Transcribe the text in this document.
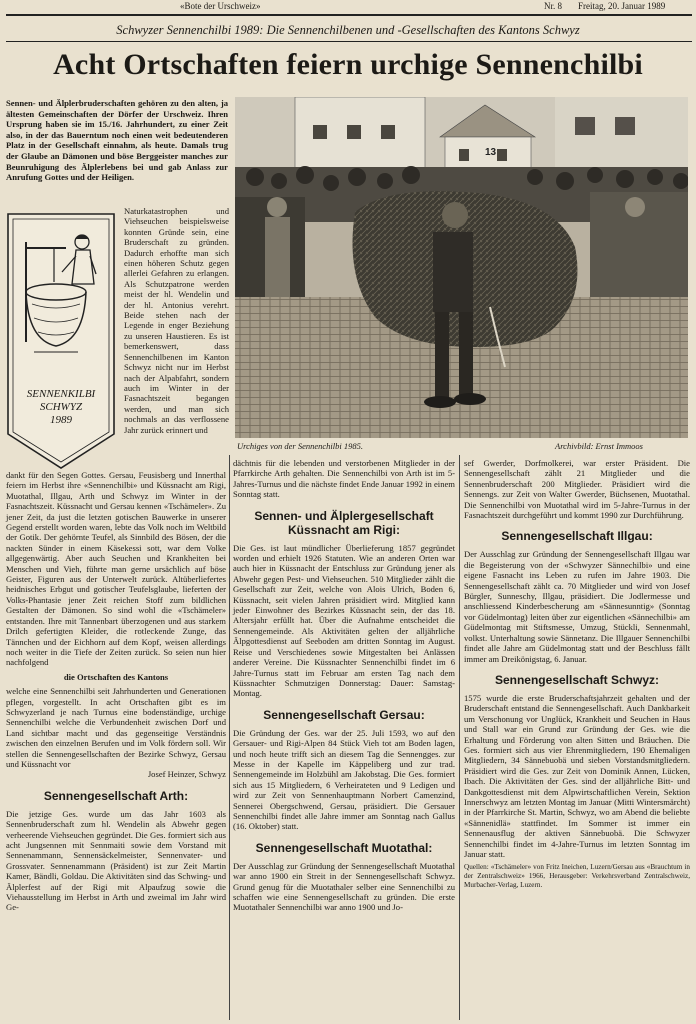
«Bote der Urschweiz»	Nr. 8 Freitag, 20. Januar 1989
Schwyzer Sennenchilbi 1989: Die Sennenchilbenen und -Gesellschaften des Kantons Schwyz
Acht Ortschaften feiern urchige Sennenchilbi

Sennen- und Älplerbruderschaften gehören zu den alten, ja ältesten Gemeinschaften der Dörfer der Urschweiz. Ihren Ursprung haben sie im 15./16. Jahrhundert, zu einer Zeit also, in der das Bauerntum noch einen weit bedeutenderen Platz in der Gesellschaft einnahm, als heute. Damals trug der Glaube an Dämonen und böse Berggeister manches zur Beunruhigung des Älplerlebens bei und gab Anlass zur Anrufung Gottes und der Heiligen.

SENNENKILBI
SCHWYZ
1989

Naturkatastrophen und Viehseuchen beispielsweise konnten Gründe sein, eine Bruderschaft zu gründen. Dadurch erhoffte man sich einen höheren Schutz gegen allerlei Gefahren zu erlangen. Als Schutzpatrone werden meist der hl. Wendelin und der hl. Antonius verehrt. Beide stehen nach der Legende in enger Beziehung zu unseren Haustieren. Es ist bemerkenswert, dass Sennenchilbenen im Kanton Schwyz nicht nur im Herbst nach der Alpabfahrt, sondern auch im Winter in der Fasnachtszeit begangen werden, und man sich nochmals an das verflossene Jahr zurück erinnert und

13
Urchiges von der Sennenchilbi 1985.	Archivbild: Ernst Immoos

dankt für den Segen Gottes. Gersau, Feusisberg und Innerthal feiern im Herbst ihre «Sennenchilbi» und Küssnacht am Rigi, Muotathal, Illgau, Arth und Schwyz im Winter in der Fasnachtszeit. Küssnacht und Gersau kennen «Tschämeler». Zu jener Zeit, da just die letzten gotischen Bauwerke in unserer Gegend erstellt worden waren, lebte das Volk noch im Weltbild der Gotik. Der gehörnte Teufel, als Sinnbild des Bösen, der die nackten Sünder in einem Käsekessi sott, war dem Volke allgegenwärtig. Aber auch Seuchen und Krankheiten bei Menschen und Vieh, führte man gerne ursächlich auf böse Geister, Figuren aus der Unterwelt zurück. Altüberliefertes heidnisches Erbgut und gotischer Teufelsglaube, lieferten der Volks-Phantasie jener Zeit reichen Stoff zum bildlichen Gestalten der Dämonen. So sind wohl die «Tschämeler» entstanden. Ihre mit Tannenbart überzogenen und aus starkem Drilch gefertigten Kleider, die rotleckende Zunge, das Tännchen und der Eichhorn auf dem Kopf, weisen allerdings noch weiter in die Tiefe der Zeiten zurück. So seien nun hier nachfolgend

die Ortschaften des Kantons

welche eine Sennenchilbi seit Jahrhunderten und Generationen pflegen, vorgestellt. In acht Ortschaften gibt es im Schwyzerland je nach Turnus eine bodenständige, urchige Sennenchilbi welche die Verbundenheit zwischen Dorf und Land sichtbar macht und das gegenseitige Verständnis zwischen den einzelnen Berufen und im Volk fördern soll. Wir stellen die Sennengesellschaften der Bezirke Schwyz, Gersau und Küssnacht vor

Josef Heinzer, Schwyz
Sennengesellschaft Arth:

Die jetzige Ges. wurde um das Jahr 1603 als Sennenbruderschaft zum hl. Wendelin als Abwehr gegen verheerende Viehseuchen gegründet. Die Ges. formiert sich aus acht Jungsennen mit Sennmaiti sowie dem Vorstand mit Sennenammann, Sennensäckelmeister, Sennenvater- und Grossvater. Sennenammann (Präsident) ist zur Zeit Martin Kamer, Bändli, Goldau. Die Aktivitäten sind das Schwing- und Älplerfest auf der Rigi mit Alpaufzug sowie die Viehausstellung im Herbst in Arth und zweimal im Jahr wird Ge-

dächtnis für die lebenden und verstorbenen Mitglieder in der Pfarrkirche Arth gehalten. Die Sennenchilbi von Arth ist im 5-Jahres-Turnus und die nächste findet Ende Januar 1992 in einem Sonntag statt.

Sennen- und Älplergesellschaft Küssnacht am Rigi:

Die Ges. ist laut mündlicher Überlieferung 1857 gegründet worden und erhielt 1926 Statuten. Wie an anderen Orten war auch hier in Küssnacht der Entschluss zur Gründung jener als Abwehr gegen Pest- und Viehseuchen. 510 Mitglieder zählt die Gesellschaft zur Zeit, welche von Alois Ulrich, Boden 6, Küssnacht, seit vielen Jahren präsidiert wird. Mitglied kann jeder Einwohner des Bezirkes Küssnacht sein, der das 18. Altersjahr erfüllt hat. Über die Aufnahme entscheidet die Sennengemeinde. Als Aktivitäten gelten der alljährliche Älpgottesdienst auf Seeboden am dritten Sonntag im August. Reise und Verschiedenes sowie Mitgestalten bei Anlässen anderer Vereine. Die Küssnachter Sennenchilbi findet im 6 Jahre-Turnus statt im Februar am ersten Tag nach dem Küssnachter Schmutzigen Donnerstag: Dauer: Samstag-Montag.

Sennengesellschaft Gersau:

Die Gründung der Ges. war der 25. Juli 1593, wo auf den Gersauer- und Rigi-Alpen 84 Stück Vieh tot am Boden lagen, und noch heute trifft sich an diesem Tag die Sennengges. zur Messe in der Kapelle im Käppeliberg und zur trad. Sennengemeinde im Holzbühl am Jakobstag. Die Ges. formiert sich aus 15 Mitgliedern, 6 Verheirateten und 9 Ledigen und wird zur Zeit von Sennenhauptmann Norbert Camenzind, Sennerei Obergschwend, Gersau, präsidiert. Die Gersauer Sennenchilbi findet alle Jahre immer am Sonntag nach Gallus (16. Oktober) statt.

Sennengesellschaft Muotathal:

Der Ausschlag zur Gründung der Sennengesellschaft Muotathal war anno 1900 ein Streit in der Sennengesellschaft Schwyz. Grund genug für die Muotathaler selber eine Sennenchilbi zu schaffen wie eine Sennengesellschaft zu gründen. Die erste Muotathaler Sennenchilbi war anno 1900 und Jo-

sef Gwerder, Dorfmolkerei, war erster Präsident. Die Sennengesellschaft zählt 21 Mitglieder und die Sennenbruderschaft 200 Mitglieder. Präsidiert wird die Sennengs. zur Zeit von Walter Gwerder, Büchsenen, Muotathal. Die Sennenchilbi von Muotathal wird im 5-Jahre-Turnus in der Fasnachtszeit durchgeführt und kommt 1990 zur Durchführung.

Sennengesellschaft Illgau:

Der Ausschlag zur Gründung der Sennengesellschaft Illgau war die Begeisterung von der «Schwyzer Sännechilbi» und eine eigene Fasnacht ins Leben zu rufen im Jahre 1903. Die Sennengesellschaft zählt ca. 70 Mitglieder und wird von Josef Bürgler, Sunneschy, Illgau, präsidiert. Die Jodlermesse und anschliessend Kinderbescherung am «Sännesunntig» (Sonntag vor Güdelmontag) leiten über zur eigentlichen «Sännechilbi» am Güdelmontag mit Stiftsmesse, Umzug, Stückli, Sennenmahl, volkst. Unterhaltung sowie Sännetanz. Die Illgauer Sennenchilbi findet alle Jahre am Güdelmontag statt und der Beschluss fällt immer am Dreikönigstag, 6. Januar.

Sennengesellschaft Schwyz:

1575 wurde die erste Bruderschaftsjahrzeit gehalten und der Bruderschaft entstand die Sennengesellschaft. Auch Dankbarkeit um Verschonung vor Unglück, Krankheit und Seuchen in Haus und Stall war ein Grund zur Gründung der Ges. wie die Erhaltung und Förderung von alten Sitten und Bräuchen. Die Ges. formiert sich aus vier Ehrenmitgliedern, 190 Ehemaligen Mitgliedern, 34 Sännebuobä und sieben Vorstandsmitgliedern. Präsidiert wird die Ges. zur Zeit von Dominik Annen, Lücken, Ibach. Die Aktivitäten der Ges. sind der alljährliche Bitt- und Dankgottesdienst mit dem Alpwirtschaftlichen Verein, Sektion Innerschwyz am letzten Montag im Januar (Mitti Wintersmärcht) in der Pfarrkirche St. Martin, Schwyz, wo am Abend die beliebte «Sännenidlä» stattfindet. Im Sommer ist immer ein Sennenausflug der aktiven Sännebuobä. Die Schwyzer Sennenchilbi findet im 4-Jahre-Turnus im letzten Sonntag im Januar statt.

Quellen: «Tschämeler» von Fritz Ineichen, Luzern/Gersau aus «Brauchtum in der Zentralschweiz» 1966, Herausgeber: Verkehrsverband Zentralschweiz, Murbacher-Verlag, Luzern.
